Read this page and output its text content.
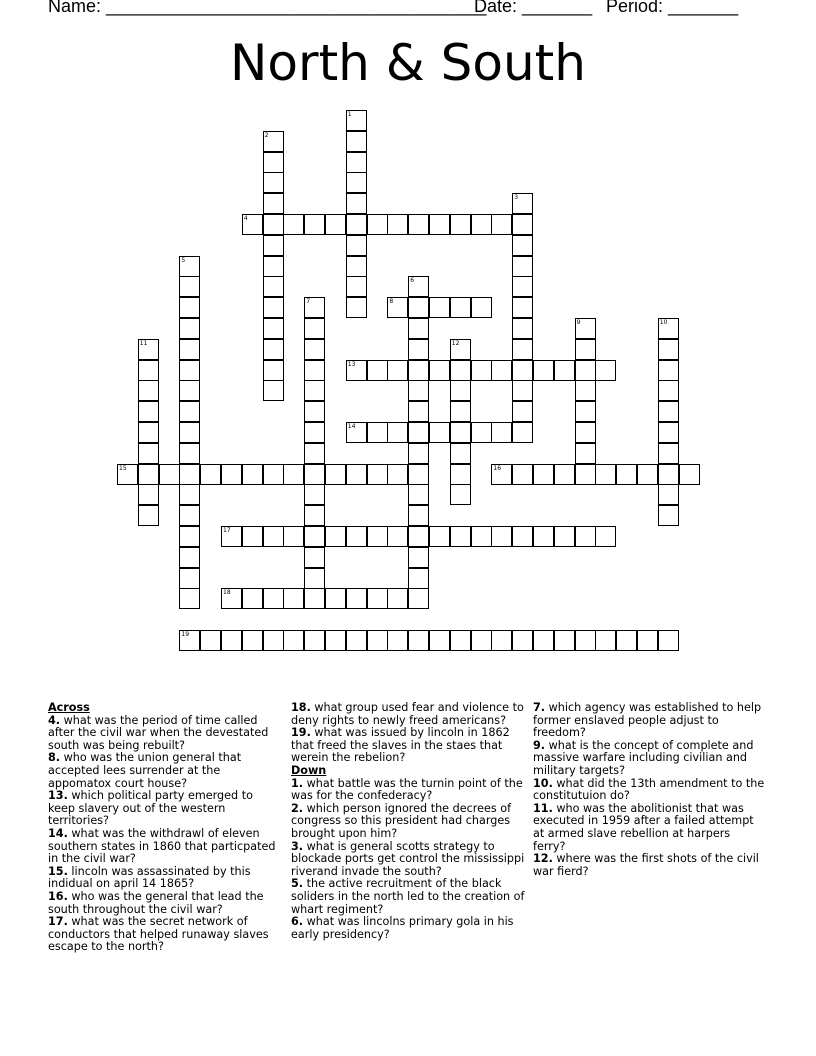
Name: ______________________________________
Date: _______ Period: _______
North & South
1
2
3
4
5
6
7	8
9	10
11	12
13
14
15	16
17
18
19
Across
4. what was the period of time called after the civil war when the devestated south was being rebuilt?
8. who was the union general that accepted lees surrender at the appomatox court house?
13. which political party emerged to keep slavery out of the western territories?
14. what was the withdrawl of eleven southern states in 1860 that particpated in the civil war?
15. lincoln was assassinated by this indidual on april 14 1865?
16. who was the general that lead the south throughout the civil war?
17. what was the secret network of conductors that helped runaway slaves escape to the north?
18. what group used fear and violence to deny rights to newly freed americans?
19. what was issued by lincoln in 1862 that freed the slaves in the staes that werein the rebelion?
Down
1. what battle was the turnin point of the was for the confederacy?
2. which person ignored the decrees of congress so this president had charges brought upon him?
3. what is general scotts strategy to blockade ports get control the mississippi riverand invade the south?
5. the active recruitment of the black soliders in the north led to the creation of whart regiment?
6. what was lincolns primary gola in his early presidency?
7. which agency was established to help former enslaved people adjust to freedom?
9. what is the concept of complete and massive warfare including civilian and military targets?
10. what did the 13th amendment to the constitutuion do?
11. who was the abolitionist that was executed in 1959 after a failed attempt at armed slave rebellion at harpers ferry?
12. where was the first shots of the civil war fierd?
